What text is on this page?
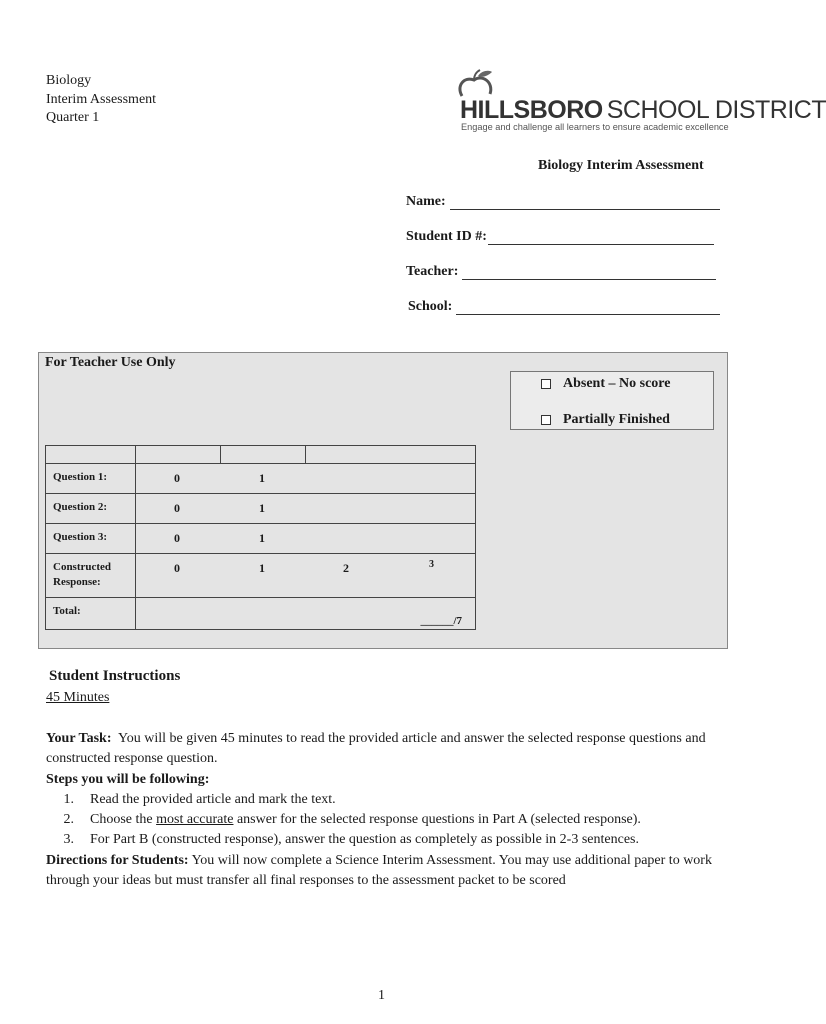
Biology
Interim Assessment
Quarter 1	HILLSBORO SCHOOL DISTRICT
Engage and challenge all learners to ensure academic excellence
Biology Interim Assessment
Name:
Student ID #:
Teacher:
School:
For Teacher Use Only
Absent – No score
Partially Finished

Question 1:	0 1		

Question 2:	0 1		

Question 3:	0 1		

Constructed
Response:	0 1 2 3		

Total:	______/7		
Student Instructions
45 Minutes
Your Task: You will be given 45 minutes to read the provided article and answer the selected response questions and constructed response question.
Steps you will be following:
1.	Read the provided article and mark the text.
2.	Choose the most accurate answer for the selected response questions in Part A (selected response).
3.	For Part B (constructed response), answer the question as completely as possible in 2-3 sentences.
Directions for Students: You will now complete a Science Interim Assessment. You may use additional paper to work through your ideas but must transfer all final responses to the assessment packet to be scored
1
